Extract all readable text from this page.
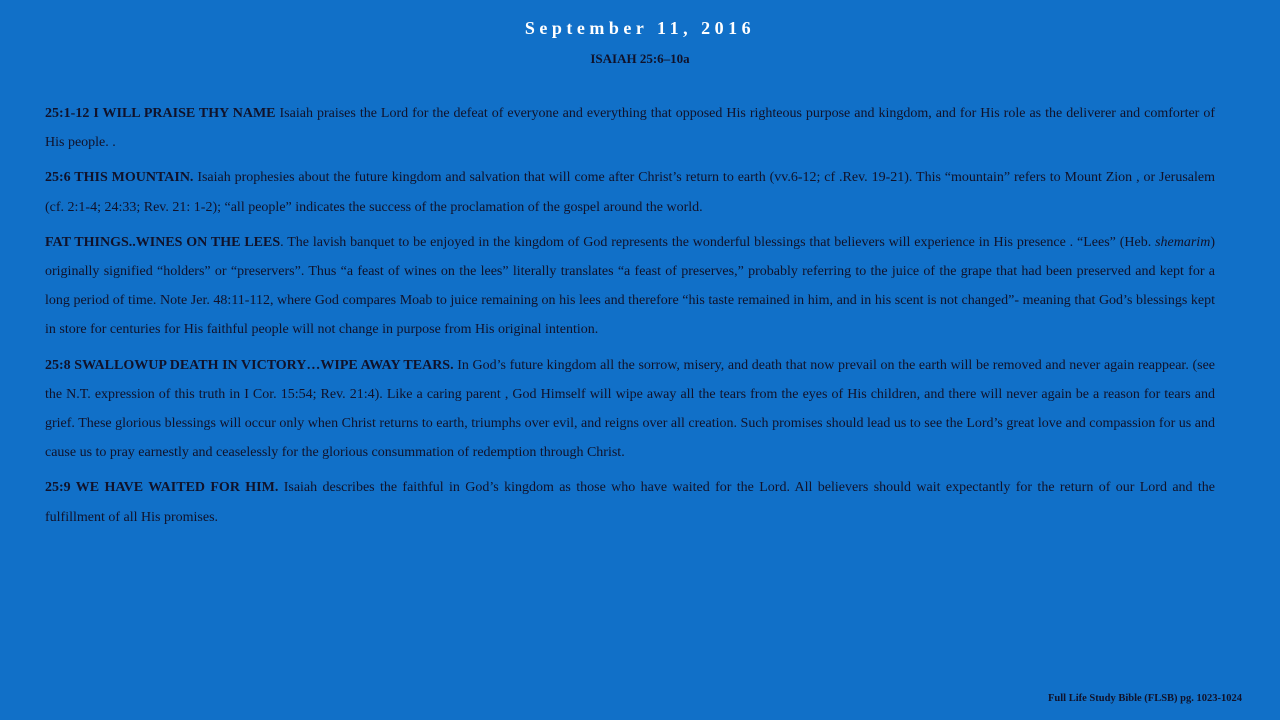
September 11, 2016
ISAIAH 25:6–10a

25:1-12 I WILL PRAISE THY NAME Isaiah praises the Lord for the defeat of everyone and everything that opposed His righteous purpose and kingdom, and for His role as the deliverer and comforter of His people. .

25:6 THIS MOUNTAIN. Isaiah prophesies about the future kingdom and salvation that will come after Christ’s return to earth (vv.6-12; cf .Rev. 19-21). This “mountain” refers to Mount Zion , or Jerusalem (cf. 2:1-4; 24:33; Rev. 21: 1-2); “all people” indicates the success of the proclamation of the gospel around the world.

FAT THINGS..WINES ON THE LEES. The lavish banquet to be enjoyed in the kingdom of God represents the wonderful blessings that believers will experience in His presence . “Lees” (Heb. shemarim) originally signified “holders” or “preservers”. Thus “a feast of wines on the lees” literally translates “a feast of preserves,” probably referring to the juice of the grape that had been preserved and kept for a long period of time. Note Jer. 48:11-112, where God compares Moab to juice remaining on his lees and therefore “his taste remained in him, and in his scent is not changed”- meaning that God’s blessings kept in store for centuries for His faithful people will not change in purpose from His original intention.

25:8 SWALLOWUP DEATH IN VICTORY…WIPE AWAY TEARS. In God’s future kingdom all the sorrow, misery, and death that now prevail on the earth will be removed and never again reappear. (see the N.T. expression of this truth in I Cor. 15:54; Rev. 21:4). Like a caring parent , God Himself will wipe away all the tears from the eyes of His children, and there will never again be a reason for tears and grief. These glorious blessings will occur only when Christ returns to earth, triumphs over evil, and reigns over all creation. Such promises should lead us to see the Lord’s great love and compassion for us and cause us to pray earnestly and ceaselessly for the glorious consummation of redemption through Christ.

25:9 WE HAVE WAITED FOR HIM. Isaiah describes the faithful in God’s kingdom as those who have waited for the Lord. All believers should wait expectantly for the return of our Lord and the fulfillment of all His promises.

Full Life Study Bible (FLSB) pg. 1023-1024
